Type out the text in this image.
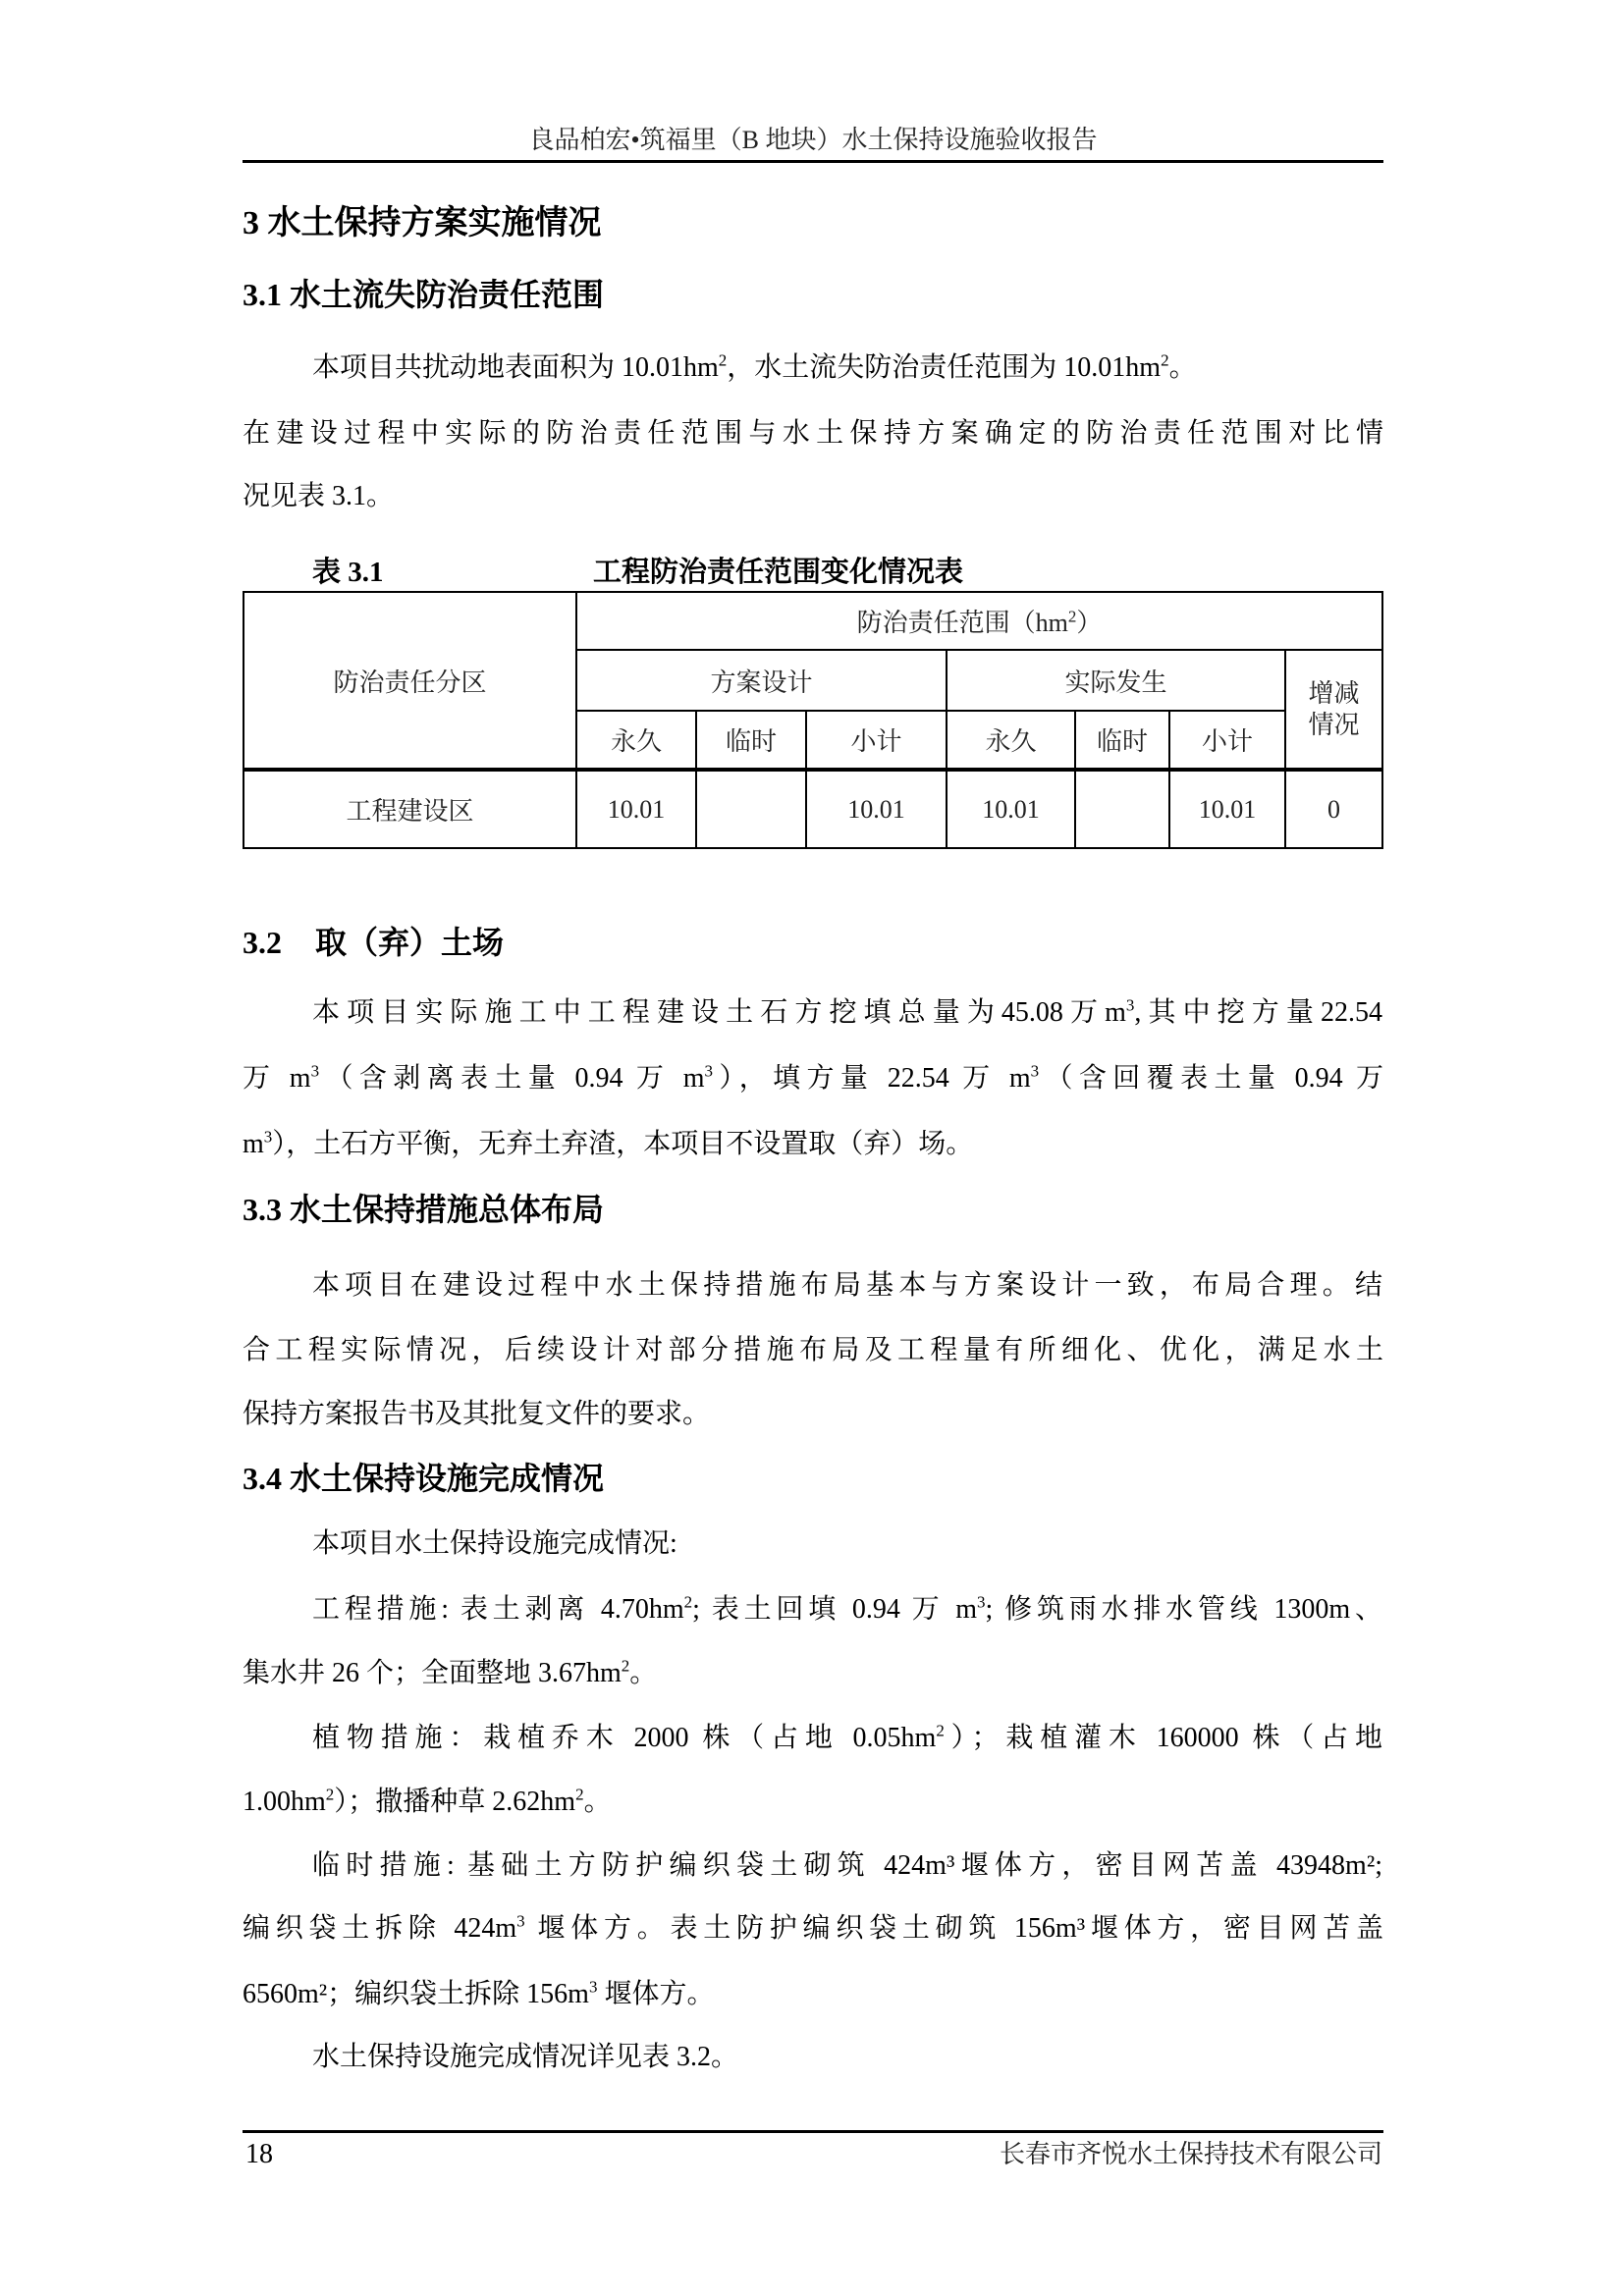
良品柏宏•筑福里（B 地块）水土保持设施验收报告
3 水土保持方案实施情况
3.1 水土流失防治责任范围
本项目共扰动地表面积为 $10.01hm^2$，水土流失防治责任范围为 $10.01hm^2$。
在建设过程中实际的防治责任范围与水土保持方案确定的防治责任范围对比情
况见表 3.1。
表 3.1	工程防治责任范围变化情况表
防治责任分区	防治责任范围$(hm^2)$						
	方案设计			实际发生			增减情况
	永久	临时	小计	永久	临时	小计	
工程建设区	10.01		10.01	10.01		10.01	0
3.2 取（弃）土场
本项目实际施工中工程建设土石方挖填总量为45.08万$m^3$,其中挖方量22.54
万 $m^3$（含剥离表土量 0.94 万 $m^3$），填方量 22.54 万 $m^3$（含回覆表土量 0.94 万
$m^3$），土石方平衡，无弃土弃渣，本项目不设置取（弃）场。
3.3 水土保持措施总体布局
本项目在建设过程中水土保持措施布局基本与方案设计一致，布局合理。结
合工程实际情况，后续设计对部分措施布局及工程量有所细化、优化，满足水土
保持方案报告书及其批复文件的要求。
3.4 水土保持设施完成情况
本项目水土保持设施完成情况:
工程措施: 表土剥离 $4.70hm^2$; 表土回填 0.94 万 $m^3$; 修筑雨水排水管线 1300m、
集水井 26 个；全面整地 $3.67hm^2$。
植物措施：栽植乔木 2000 株（占地 $0.05hm^2$）；栽植灌木 160000 株（占地
$1.00hm^2$）；撒播种草 $2.62hm^2$。
临时措施: 基础土方防护编织袋土砌筑 424m³堰体方，密目网苫盖 43948m²;
编织袋土拆除 $424m^3$ 堰体方。表土防护编织袋土砌筑 156m³堰体方，密目网苫盖
6560m²；编织袋土拆除 $156m^3$ 堰体方。
水土保持设施完成情况详见表 3.2。
18	长春市齐悦水土保持技术有限公司
